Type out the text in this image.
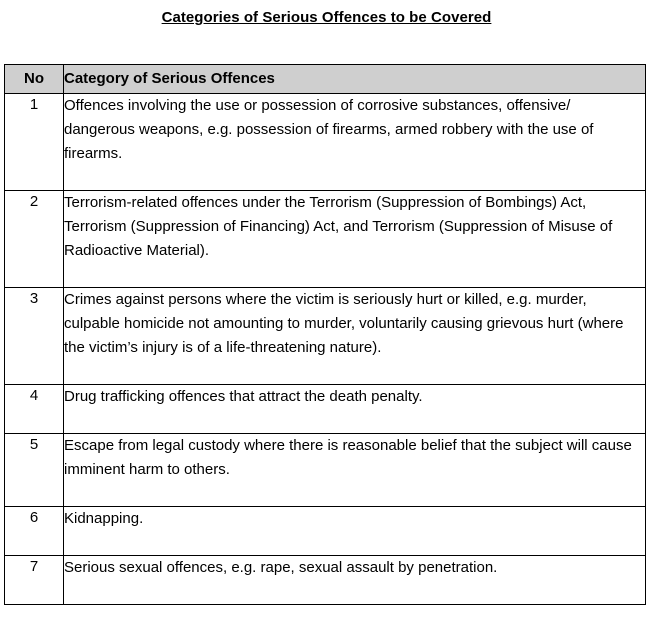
Categories of Serious Offences to be Covered
No	Category of Serious Offences
1	Offences involving the use or possession of corrosive substances, offensive/ dangerous weapons, e.g. possession of firearms, armed robbery with the use of firearms.
2	Terrorism-related offences under the Terrorism (Suppression of Bombings) Act, Terrorism (Suppression of Financing) Act, and Terrorism (Suppression of Misuse of Radioactive Material).
3	Crimes against persons where the victim is seriously hurt or killed, e.g. murder, culpable homicide not amounting to murder, voluntarily causing grievous hurt (where the victim’s injury is of a life-threatening nature).
4	Drug trafficking offences that attract the death penalty.
5	Escape from legal custody where there is reasonable belief that the subject will cause imminent harm to others.
6	Kidnapping.
7	Serious sexual offences, e.g. rape, sexual assault by penetration.
